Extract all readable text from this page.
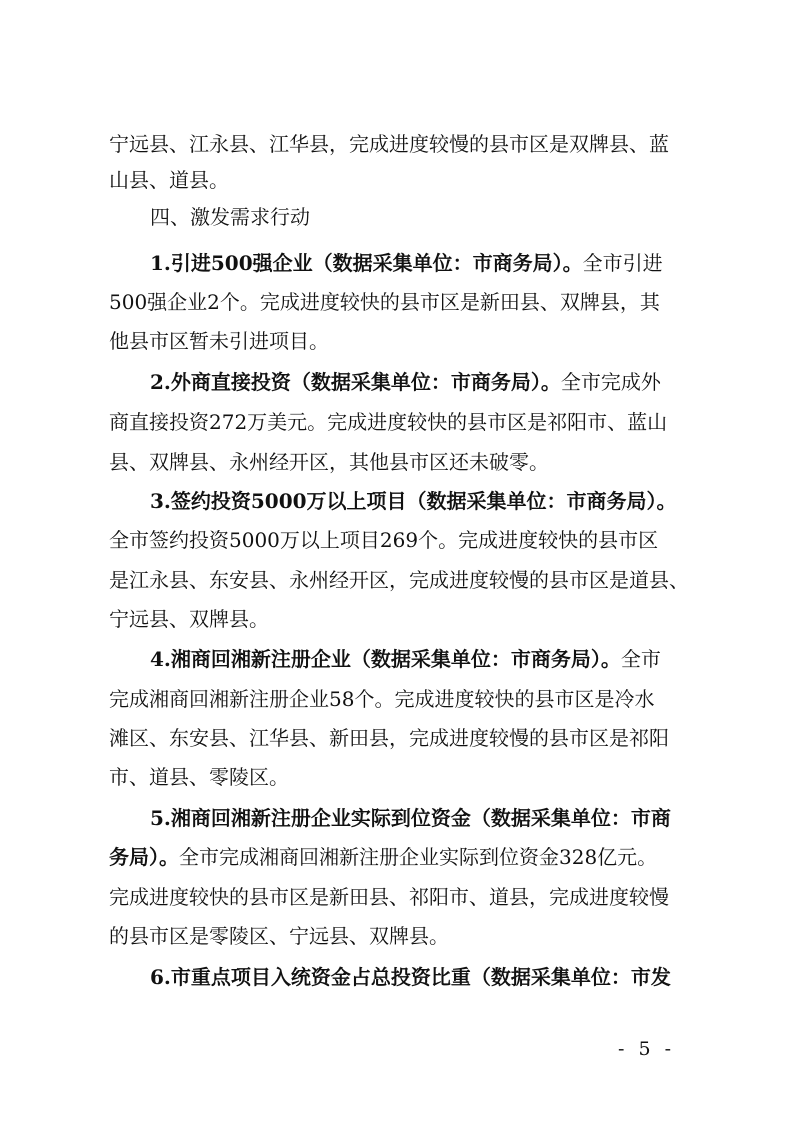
宁远县、江永县、江华县，完成进度较慢的县市区是双牌县、蓝
山县、道县。
四、激发需求行动
1.引进500强企业（数据采集单位：市商务局）。全市引进
500强企业2个。完成进度较快的县市区是新田县、双牌县，其
他县市区暂未引进项目。
2.外商直接投资（数据采集单位：市商务局）。全市完成外
商直接投资272万美元。完成进度较快的县市区是祁阳市、蓝山
县、双牌县、永州经开区，其他县市区还未破零。
3.签约投资5000万以上项目（数据采集单位：市商务局）。
全市签约投资5000万以上项目269个。完成进度较快的县市区
是江永县、东安县、永州经开区，完成进度较慢的县市区是道县、
宁远县、双牌县。
4.湘商回湘新注册企业（数据采集单位：市商务局）。全市
完成湘商回湘新注册企业58个。完成进度较快的县市区是冷水
滩区、东安县、江华县、新田县，完成进度较慢的县市区是祁阳
市、道县、零陵区。
5.湘商回湘新注册企业实际到位资金（数据采集单位：市商
务局）。全市完成湘商回湘新注册企业实际到位资金328亿元。
完成进度较快的县市区是新田县、祁阳市、道县，完成进度较慢
的县市区是零陵区、宁远县、双牌县。
6.市重点项目入统资金占总投资比重（数据采集单位：市发
- 5 -
